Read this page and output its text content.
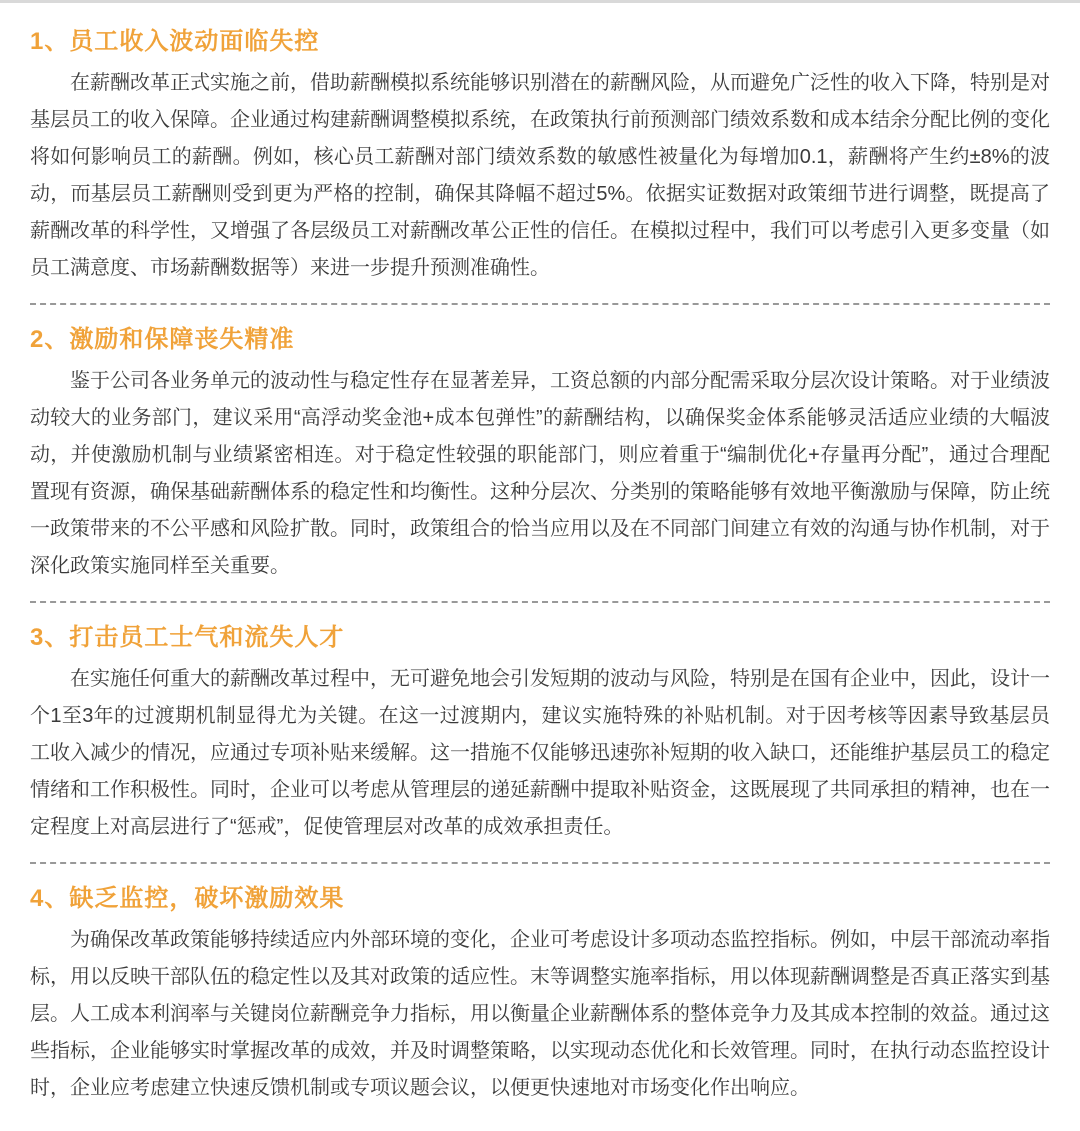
1、员工收入波动面临失控

在薪酬改革正式实施之前，借助薪酬模拟系统能够识别潜在的薪酬风险，从而避免广泛性的收入下降，特别是对基层员工的收入保障。企业通过构建薪酬调整模拟系统，在政策执行前预测部门绩效系数和成本结余分配比例的变化将如何影响员工的薪酬。例如，核心员工薪酬对部门绩效系数的敏感性被量化为每增加0.1，薪酬将产生约±8%的波动，而基层员工薪酬则受到更为严格的控制，确保其降幅不超过5%。依据实证数据对政策细节进行调整，既提高了薪酬改革的科学性，又增强了各层级员工对薪酬改革公正性的信任。在模拟过程中，我们可以考虑引入更多变量（如员工满意度、市场薪酬数据等）来进一步提升预测准确性。

2、激励和保障丧失精准

鉴于公司各业务单元的波动性与稳定性存在显著差异，工资总额的内部分配需采取分层次设计策略。对于业绩波动较大的业务部门，建议采用“高浮动奖金池+成本包弹性”的薪酬结构，以确保奖金体系能够灵活适应业绩的大幅波动，并使激励机制与业绩紧密相连。对于稳定性较强的职能部门，则应着重于“编制优化+存量再分配”，通过合理配置现有资源，确保基础薪酬体系的稳定性和均衡性。这种分层次、分类别的策略能够有效地平衡激励与保障，防止统一政策带来的不公平感和风险扩散。同时，政策组合的恰当应用以及在不同部门间建立有效的沟通与协作机制，对于深化政策实施同样至关重要。

3、打击员工士气和流失人才

在实施任何重大的薪酬改革过程中，无可避免地会引发短期的波动与风险，特别是在国有企业中，因此，设计一个1至3年的过渡期机制显得尤为关键。在这一过渡期内，建议实施特殊的补贴机制。对于因考核等因素导致基层员工收入减少的情况，应通过专项补贴来缓解。这一措施不仅能够迅速弥补短期的收入缺口，还能维护基层员工的稳定情绪和工作积极性。同时，企业可以考虑从管理层的递延薪酬中提取补贴资金，这既展现了共同承担的精神，也在一定程度上对高层进行了“惩戒”，促使管理层对改革的成效承担责任。

4、缺乏监控，破坏激励效果

为确保改革政策能够持续适应内外部环境的变化，企业可考虑设计多项动态监控指标。例如，中层干部流动率指标，用以反映干部队伍的稳定性以及其对政策的适应性。末等调整实施率指标，用以体现薪酬调整是否真正落实到基层。人工成本利润率与关键岗位薪酬竞争力指标，用以衡量企业薪酬体系的整体竞争力及其成本控制的效益。通过这些指标，企业能够实时掌握改革的成效，并及时调整策略，以实现动态优化和长效管理。同时，在执行动态监控设计时，企业应考虑建立快速反馈机制或专项议题会议，以便更快速地对市场变化作出响应。
